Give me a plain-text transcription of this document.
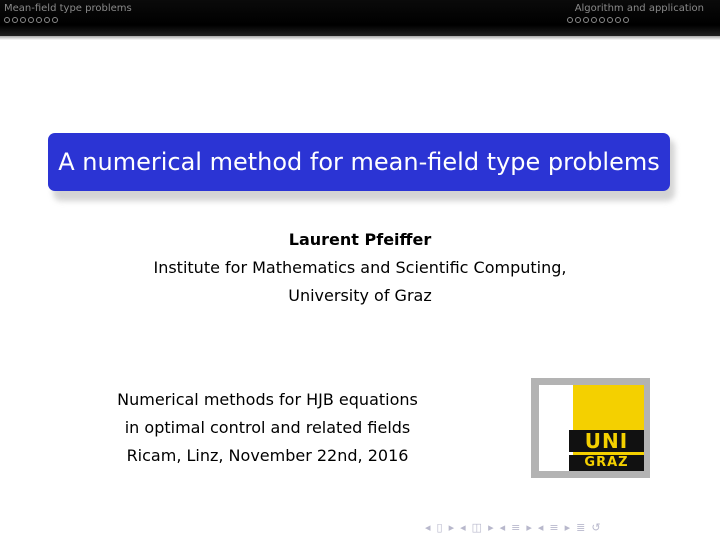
Mean-field type problems	Algorithm and application
A numerical method for mean-field type problems
Laurent Pfeiffer
Institute for Mathematics and Scientific Computing,
University of Graz
Numerical methods for HJB equations
in optimal control and related fields
Ricam, Linz, November 22nd, 2016
UNI
GRAZ
◂ ▯ ▸ ◂ ◫ ▸ ◂ ≡ ▸ ◂ ≡ ▸ ≣ ↺
